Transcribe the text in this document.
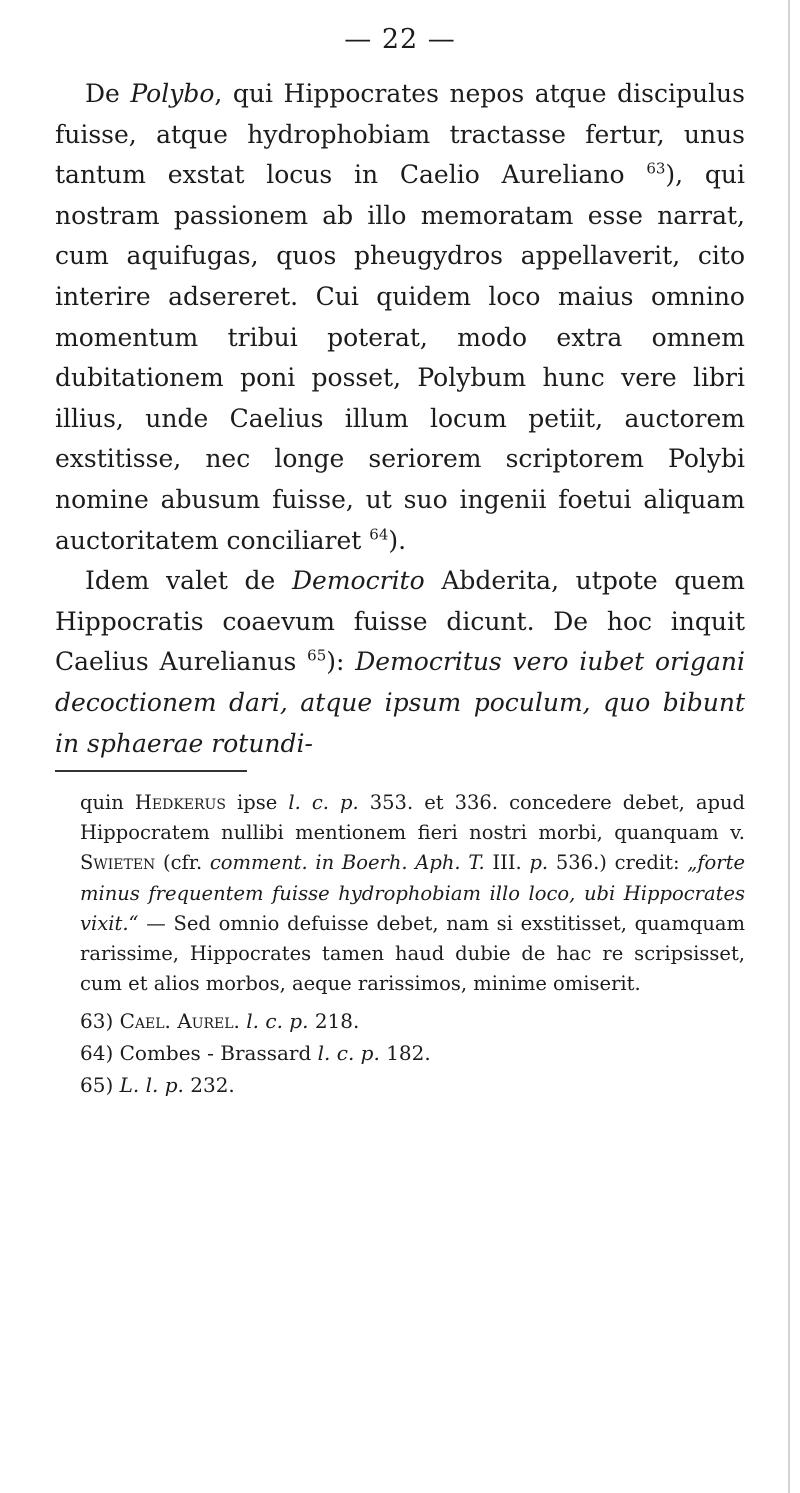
— 22 —

De Polybo, qui Hippocrates nepos atque discipulus fuisse, atque hydrophobiam tractasse fertur, unus tantum exstat locus in Caelio Aureliano $^{63}$), qui nostram passionem ab illo memoratam esse narrat, cum aquifugas, quos pheugydros appellaverit, cito interire adsereret. Cui quidem loco maius omnino momentum tribui poterat, modo extra omnem dubitationem poni posset, Polybum hunc vere libri illius, unde Caelius illum locum petiit, auctorem exstitisse, nec longe seriorem scriptorem Polybi nomine abusum fuisse, ut suo ingenii foetui aliquam auctoritatem conciliaret $^{64}$).

Idem valet de Democrito Abderita, utpote quem Hippocratis coaevum fuisse dicunt. De hoc inquit Caelius Aurelianus $^{65}$): Democritus vero iubet origani decoctionem dari, atque ipsum poculum, quo bibunt in sphaerae rotundi-

quin Hedkerus ipse l. c. p. 353. et 336. concedere debet, apud Hippocratem nullibi mentionem fieri nostri morbi, quanquam v. Swieten (cfr. comment. in Boerh. Aph. T. III. p. 536.) credit: „forte minus frequentem fuisse hydrophobiam illo loco, ubi Hippocrates vixit.“ — Sed omnio defuisse debet, nam si exstitisset, quamquam rarissime, Hippocrates tamen haud dubie de hac re scripsisset, cum et alios morbos, aeque rarissimos, minime omiserit.

63) Cael. Aurel. l. c. p. 218.
64) Combes - Brassard l. c. p. 182.
65) L. l. p. 232.
